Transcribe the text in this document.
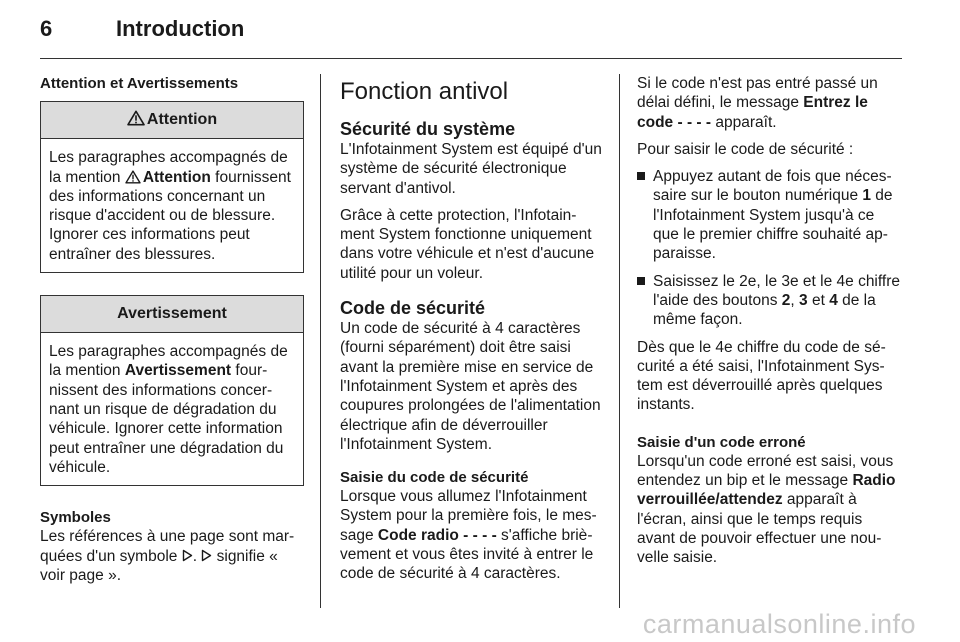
6	Introduction
Attention et Avertissements
Attention
Les paragraphes accompagnés de la mention Attention fournissent des informations concernant un risque d'accident ou de blessure. Ignorer ces informations peut entraîner des blessures.
Avertissement
Les paragraphes accompagnés de la mention Avertissement fournissent des informations concernant un risque de dégradation du véhicule. Ignorer cette information peut entraîner une dégradation du véhicule.
Symboles

Les références à une page sont marquées d'un symbole .  signifie « voir page ».

Fonction antivol
Sécurité du système

L'Infotainment System est équipé d'un système de sécurité électronique servant d'antivol.

Grâce à cette protection, l'Infotainment System fonctionne uniquement dans votre véhicule et n'est d'aucune utilité pour un voleur.

Code de sécurité

Un code de sécurité à 4 caractères (fourni séparément) doit être saisi avant la première mise en service de l'Infotainment System et après des coupures prolongées de l'alimentation électrique afin de déverrouiller l'Infotainment System.

Saisie du code de sécurité

Lorsque vous allumez l'Infotainment System pour la première fois, le message Code radio - - - - s'affiche brièvement et vous êtes invité à entrer le code de sécurité à 4 caractères.

Si le code n'est pas entré passé un délai défini, le message Entrez le code - - - - apparaît.

Pour saisir le code de sécurité :

Appuyez autant de fois que nécessaire sur le bouton numérique 1 de l'Infotainment System jusqu'à ce que le premier chiffre souhaité apparaisse.
Saisissez le 2e, le 3e et le 4e chiffre l'aide des boutons 2, 3 et 4 de la même façon.

Dès que le 4e chiffre du code de sécurité a été saisi, l'Infotainment System est déverrouillé après quelques instants.

Saisie d'un code erroné

Lorsqu'un code erroné est saisi, vous entendez un bip et le message Radio verrouillée/attendez apparaît à l'écran, ainsi que le temps requis avant de pouvoir effectuer une nouvelle saisie.

carmanualsonline.info
